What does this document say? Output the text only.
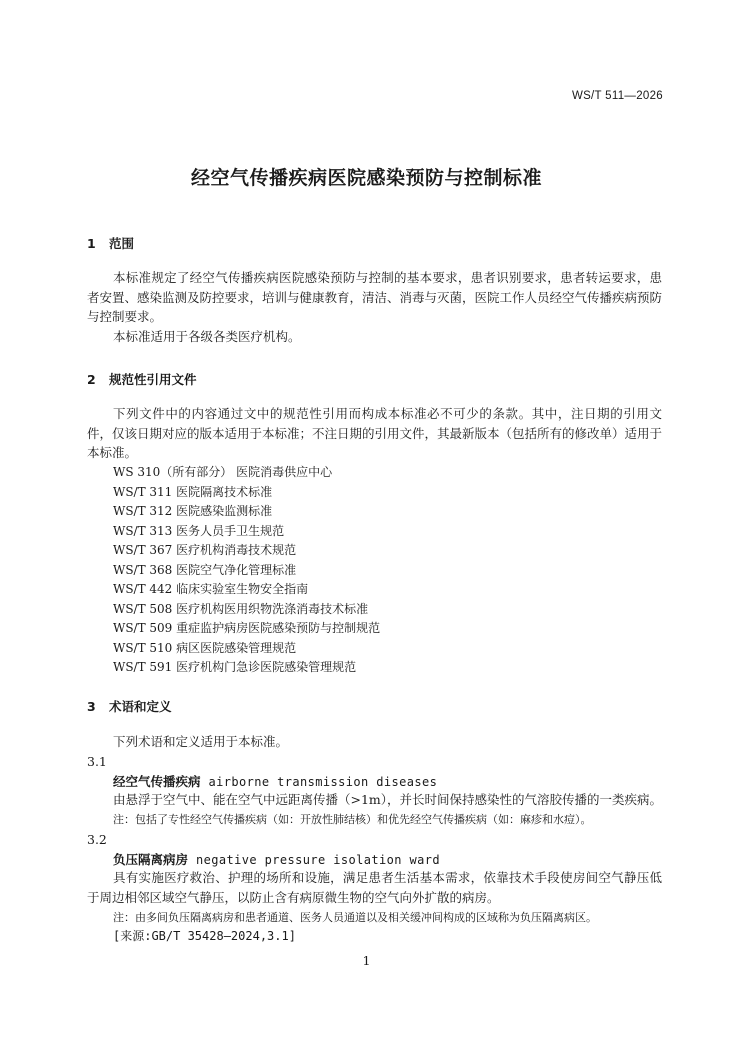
WS/T 511—2026
经空气传播疾病医院感染预防与控制标准
1 范围

本标准规定了经空气传播疾病医院感染预防与控制的基本要求，患者识别要求，患者转运要求，患者安置、感染监测及防控要求，培训与健康教育，清洁、消毒与灭菌，医院工作人员经空气传播疾病预防与控制要求。

本标准适用于各级各类医疗机构。

2 规范性引用文件

下列文件中的内容通过文中的规范性引用而构成本标准必不可少的条款。其中，注日期的引用文件，仅该日期对应的版本适用于本标准；不注日期的引用文件，其最新版本（包括所有的修改单）适用于本标准。

WS 310（所有部分） 医院消毒供应中心
WS/T 311 医院隔离技术标准
WS/T 312 医院感染监测标准
WS/T 313 医务人员手卫生规范
WS/T 367 医疗机构消毒技术规范
WS/T 368 医院空气净化管理标准
WS/T 442 临床实验室生物安全指南
WS/T 508 医疗机构医用织物洗涤消毒技术标准
WS/T 509 重症监护病房医院感染预防与控制规范
WS/T 510 病区医院感染管理规范
WS/T 591 医疗机构门急诊医院感染管理规范
3 术语和定义
下列术语和定义适用于本标准。
3.1
经空气传播疾病 airborne transmission diseases
由悬浮于空气中、能在空气中远距离传播（>1m），并长时间保持感染性的气溶胶传播的一类疾病。
注：包括了专性经空气传播疾病（如：开放性肺结核）和优先经空气传播疾病（如：麻疹和水痘）。
3.2
负压隔离病房 negative pressure isolation ward

具有实施医疗救治、护理的场所和设施，满足患者生活基本需求，依靠技术手段使房间空气静压低于周边相邻区域空气静压，以防止含有病原微生物的空气向外扩散的病房。

注：由多间负压隔离病房和患者通道、医务人员通道以及相关缓冲间构成的区域称为负压隔离病区。
[来源:GB/T 35428—2024,3.1]
1
